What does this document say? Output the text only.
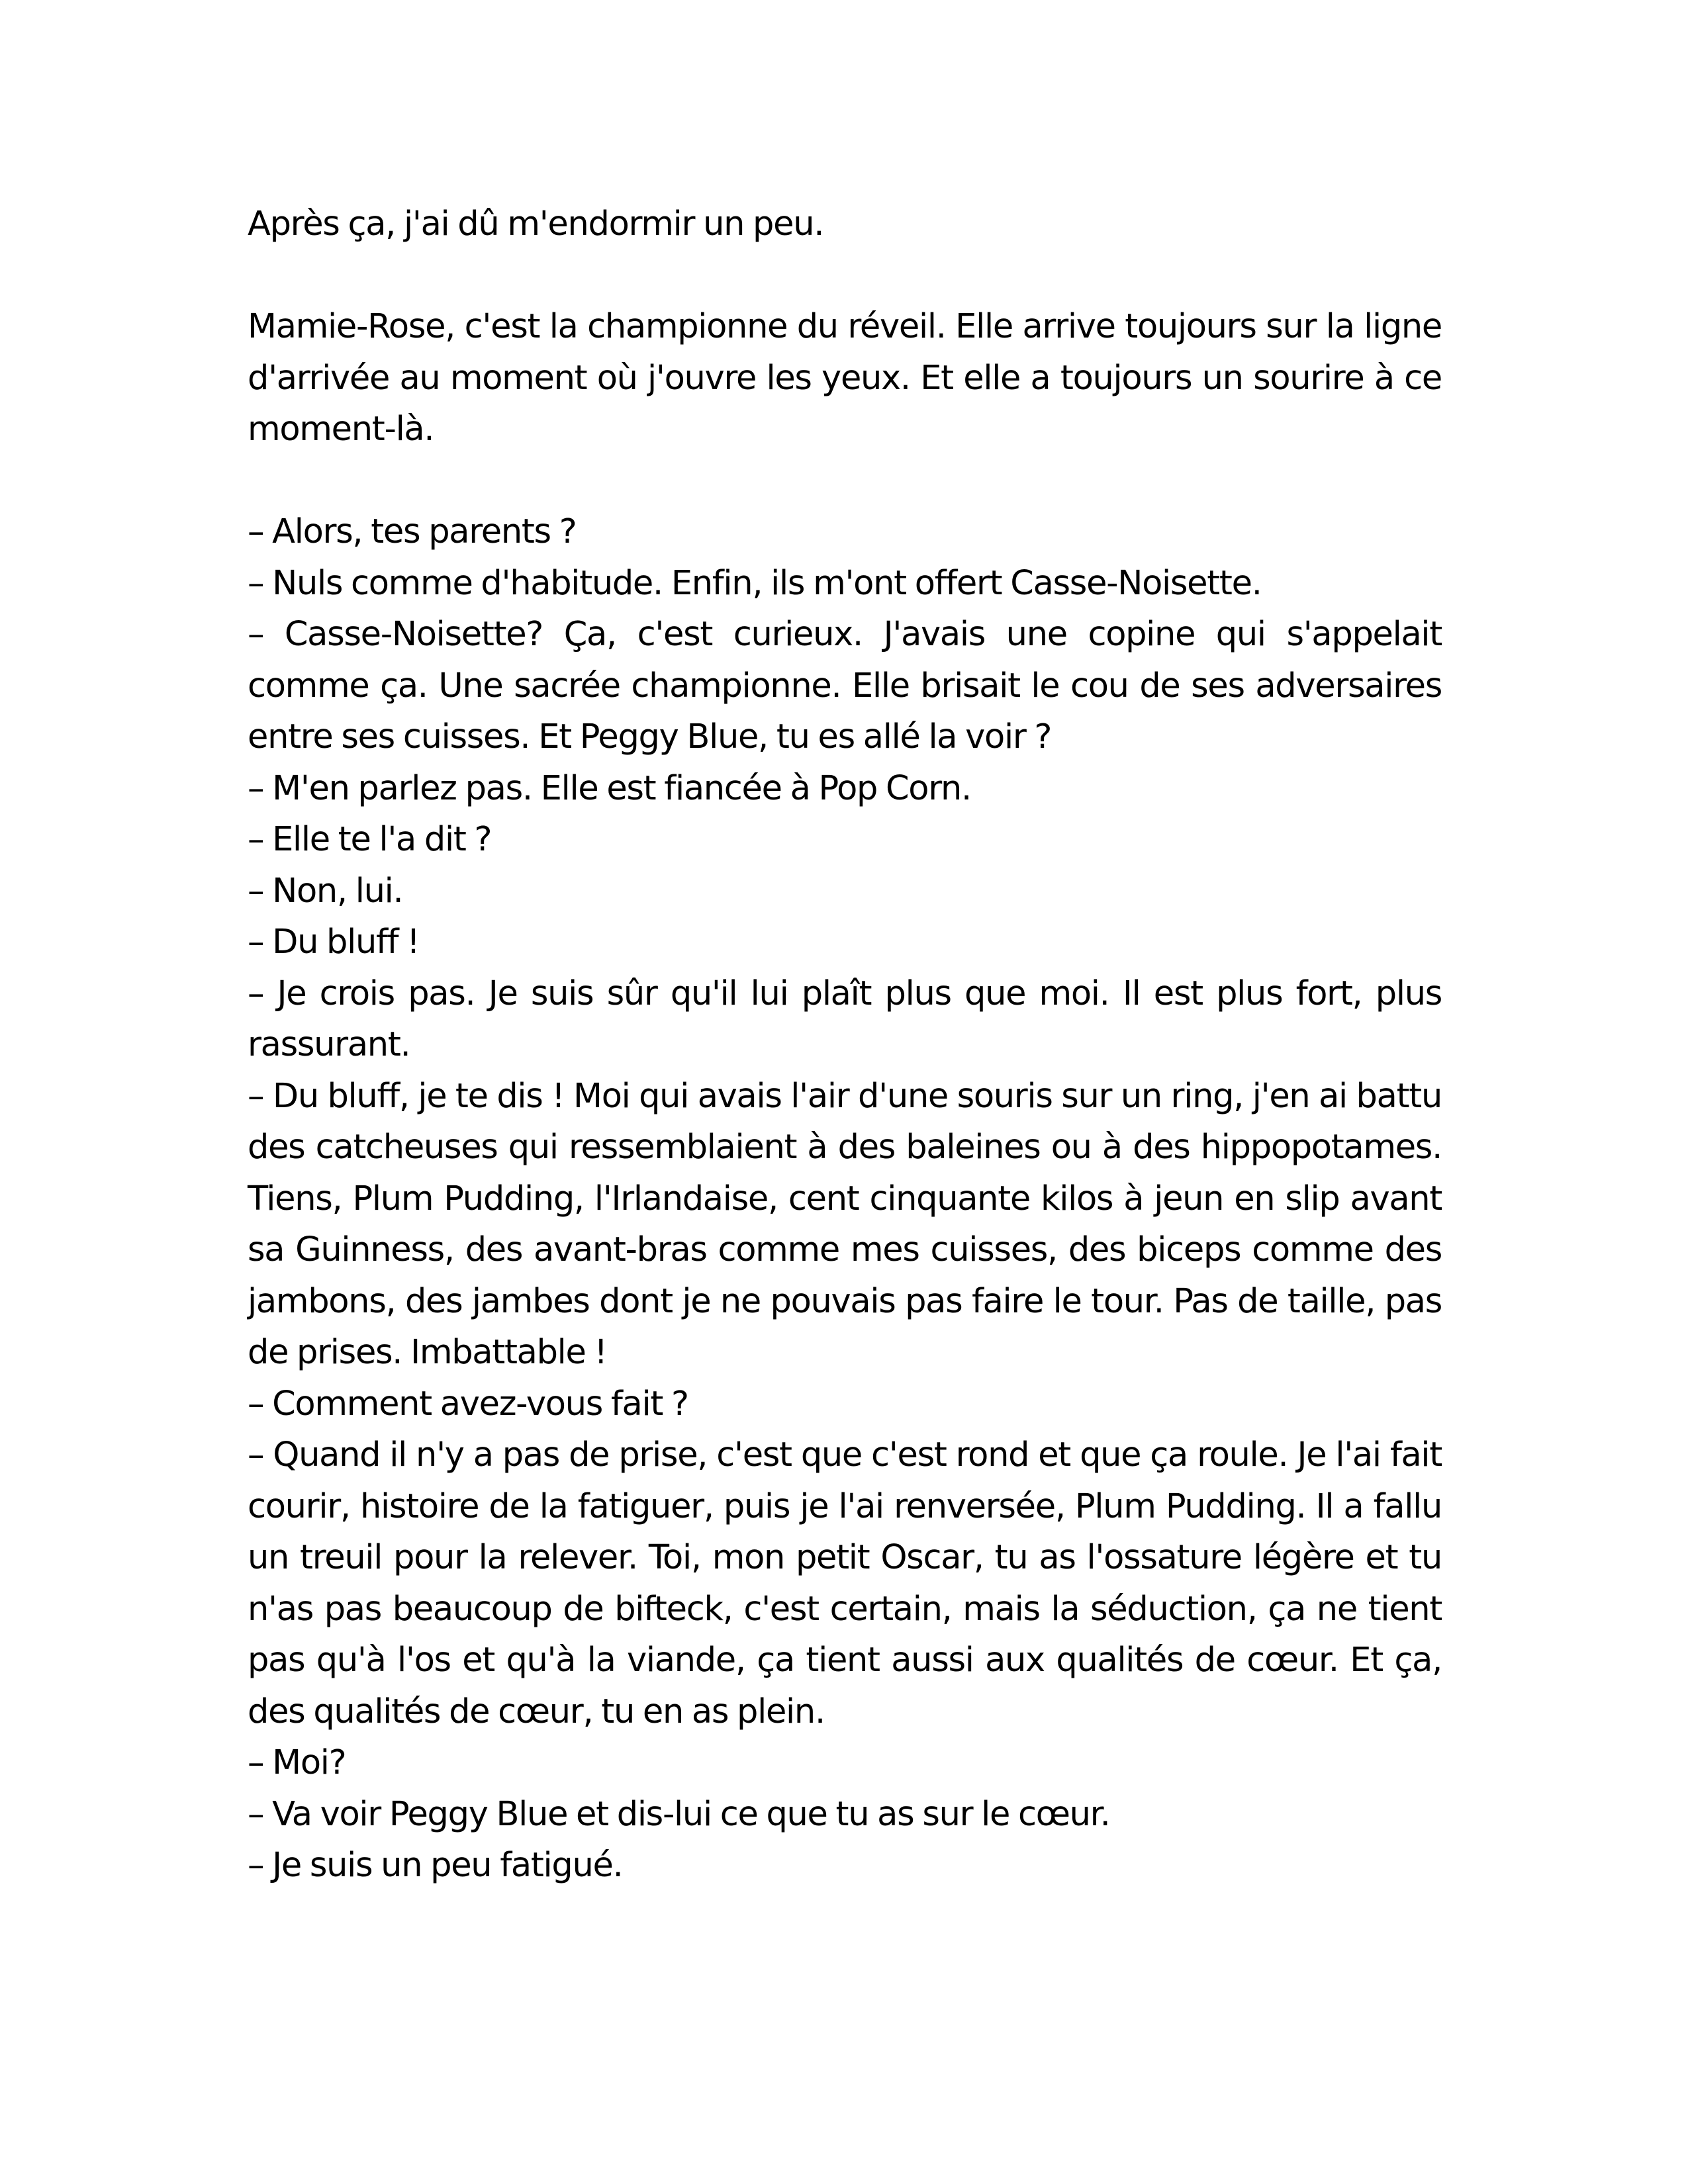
Après ça, j'ai dû m'endormir un peu.

Mamie-Rose, c'est la championne du réveil. Elle arrive toujours sur la ligne d'arrivée au moment où j'ouvre les yeux. Et elle a toujours un sourire à ce moment-là.

– Alors, tes parents ?

– Nuls comme d'habitude. Enfin, ils m'ont offert Casse-Noisette.

– Casse-Noisette? Ça, c'est curieux. J'avais une copine qui s'appelait comme ça. Une sacrée championne. Elle brisait le cou de ses adversaires entre ses cuisses. Et Peggy Blue, tu es allé la voir ?

– M'en parlez pas. Elle est fiancée à Pop Corn.

– Elle te l'a dit ?

– Non, lui.

– Du bluff !

– Je crois pas. Je suis sûr qu'il lui plaît plus que moi. Il est plus fort, plus rassurant.

– Du bluff, je te dis ! Moi qui avais l'air d'une souris sur un ring, j'en ai battu des catcheuses qui ressemblaient à des baleines ou à des hippopotames. Tiens, Plum Pudding, l'Irlandaise, cent cinquante kilos à jeun en slip avant sa Guinness, des avant-bras comme mes cuisses, des biceps comme des jambons, des jambes dont je ne pouvais pas faire le tour. Pas de taille, pas de prises. Imbattable !

– Comment avez-vous fait ?

– Quand il n'y a pas de prise, c'est que c'est rond et que ça roule. Je l'ai fait courir, histoire de la fatiguer, puis je l'ai renversée, Plum Pudding. Il a fallu un treuil pour la relever. Toi, mon petit Oscar, tu as l'ossature légère et tu n'as pas beaucoup de bifteck, c'est certain, mais la séduction, ça ne tient pas qu'à l'os et qu'à la viande, ça tient aussi aux qualités de cœur. Et ça, des qualités de cœur, tu en as plein.

– Moi?

– Va voir Peggy Blue et dis-lui ce que tu as sur le cœur.

– Je suis un peu fatigué.
